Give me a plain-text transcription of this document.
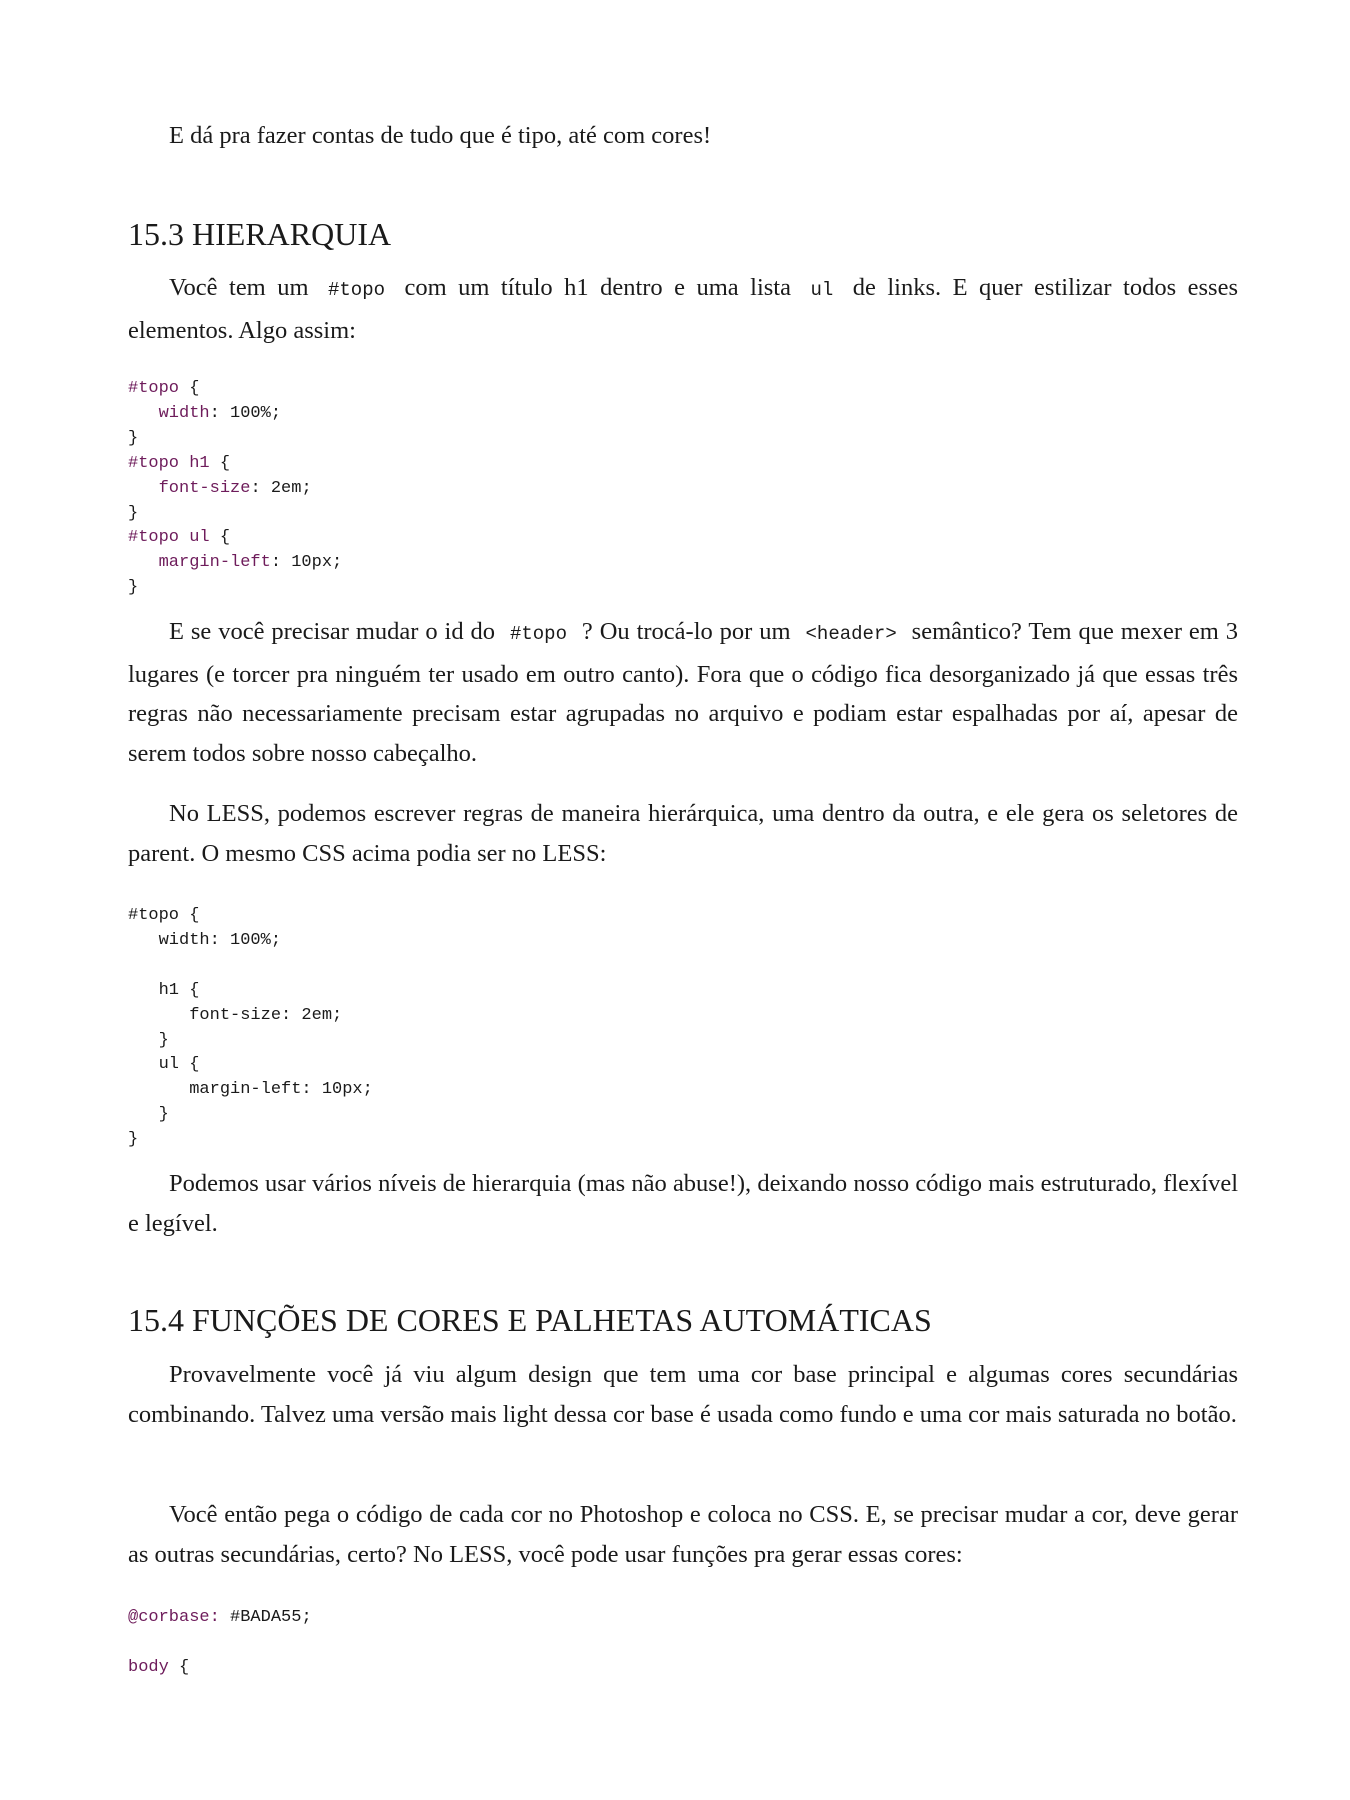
E dá pra fazer contas de tudo que é tipo, até com cores!

15.3 HIERARQUIA

Você tem um #topo com um título h1 dentro e uma lista ul de links. E quer estilizar todos esses elementos. Algo assim:

#topo {
width: 100%;
}
#topo h1 {
font-size: 2em;
}
#topo ul {
margin-left: 10px;
}

E se você precisar mudar o id do #topo ? Ou trocá-lo por um <header> semântico? Tem que mexer em 3 lugares (e torcer pra ninguém ter usado em outro canto). Fora que o código fica desorganizado já que essas três regras não necessariamente precisam estar agrupadas no arquivo e podiam estar espalhadas por aí, apesar de serem todos sobre nosso cabeçalho.

No LESS, podemos escrever regras de maneira hierárquica, uma dentro da outra, e ele gera os seletores de parent. O mesmo CSS acima podia ser no LESS:

#topo {
width: 100%;

h1 {
font-size: 2em;
}
ul {
margin-left: 10px;
}
}

Podemos usar vários níveis de hierarquia (mas não abuse!), deixando nosso código mais estruturado, flexível e legível.

15.4 FUNÇÕES DE CORES E PALHETAS AUTOMÁTICAS

Provavelmente você já viu algum design que tem uma cor base principal e algumas cores secundárias combinando. Talvez uma versão mais light dessa cor base é usada como fundo e uma cor mais saturada no botão.

Você então pega o código de cada cor no Photoshop e coloca no CSS. E, se precisar mudar a cor, deve gerar as outras secundárias, certo? No LESS, você pode usar funções pra gerar essas cores:

@corbase: #BADA55;

body {
